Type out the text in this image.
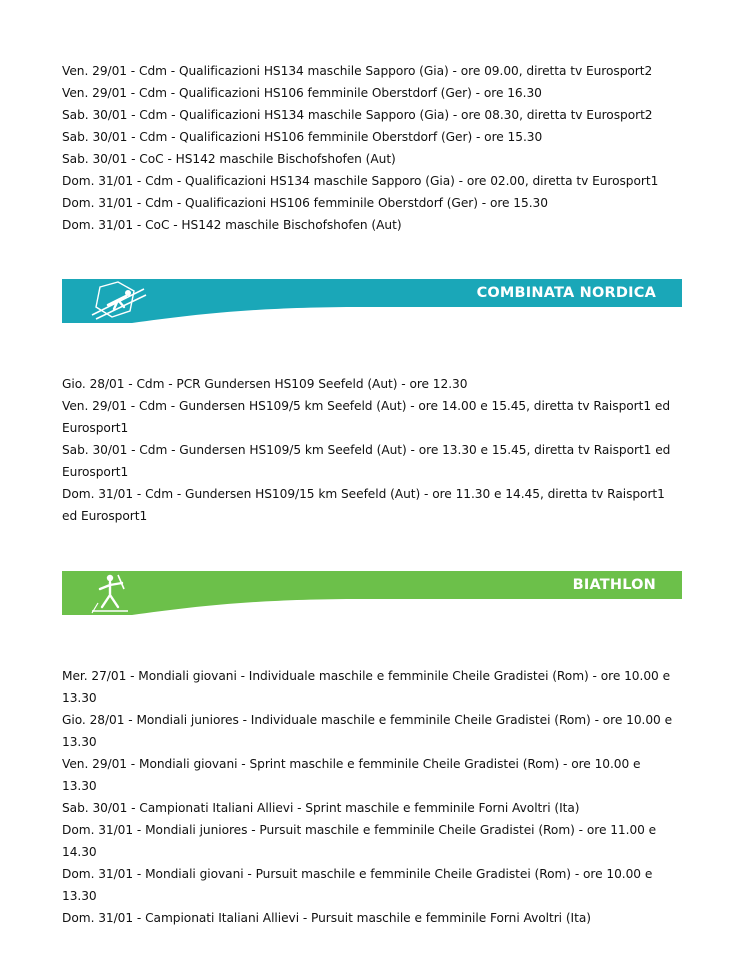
Ven. 29/01 - Cdm - Qualificazioni HS134 maschile Sapporo (Gia) - ore 09.00, diretta tv Eurosport2
Ven. 29/01 - Cdm - Qualificazioni HS106 femminile Oberstdorf (Ger) - ore 16.30
Sab. 30/01 - Cdm - Qualificazioni HS134 maschile Sapporo (Gia) - ore 08.30, diretta tv Eurosport2
Sab. 30/01 - Cdm - Qualificazioni HS106 femminile Oberstdorf (Ger) - ore 15.30
Sab. 30/01 - CoC - HS142 maschile Bischofshofen (Aut)
Dom. 31/01 - Cdm - Qualificazioni HS134 maschile Sapporo (Gia) - ore 02.00, diretta tv Eurosport1
Dom. 31/01 - Cdm - Qualificazioni HS106 femminile Oberstdorf (Ger) - ore 15.30
Dom. 31/01 - CoC - HS142 maschile Bischofshofen (Aut)
COMBINATA NORDICA
Gio. 28/01 - Cdm - PCR Gundersen HS109 Seefeld (Aut) - ore 12.30
Ven. 29/01 - Cdm - Gundersen HS109/5 km Seefeld (Aut) - ore 14.00 e 15.45, diretta tv Raisport1 ed
Eurosport1
Sab. 30/01 - Cdm - Gundersen HS109/5 km Seefeld (Aut) - ore 13.30 e 15.45, diretta tv Raisport1 ed
Eurosport1
Dom. 31/01 - Cdm - Gundersen HS109/15 km Seefeld (Aut) - ore 11.30 e 14.45, diretta tv Raisport1
ed Eurosport1
BIATHLON
Mer. 27/01 - Mondiali giovani - Individuale maschile e femminile Cheile Gradistei (Rom) - ore 10.00 e
13.30
Gio. 28/01 - Mondiali juniores - Individuale maschile e femminile Cheile Gradistei (Rom) - ore 10.00 e
13.30
Ven. 29/01 - Mondiali giovani - Sprint maschile e femminile Cheile Gradistei (Rom) - ore 10.00 e
13.30
Sab. 30/01 - Campionati Italiani Allievi - Sprint maschile e femminile Forni Avoltri (Ita)
Dom. 31/01 - Mondiali juniores - Pursuit maschile e femminile Cheile Gradistei (Rom) - ore 11.00 e
14.30
Dom. 31/01 - Mondiali giovani - Pursuit maschile e femminile Cheile Gradistei (Rom) - ore 10.00 e
13.30
Dom. 31/01 - Campionati Italiani Allievi - Pursuit maschile e femminile Forni Avoltri (Ita)
